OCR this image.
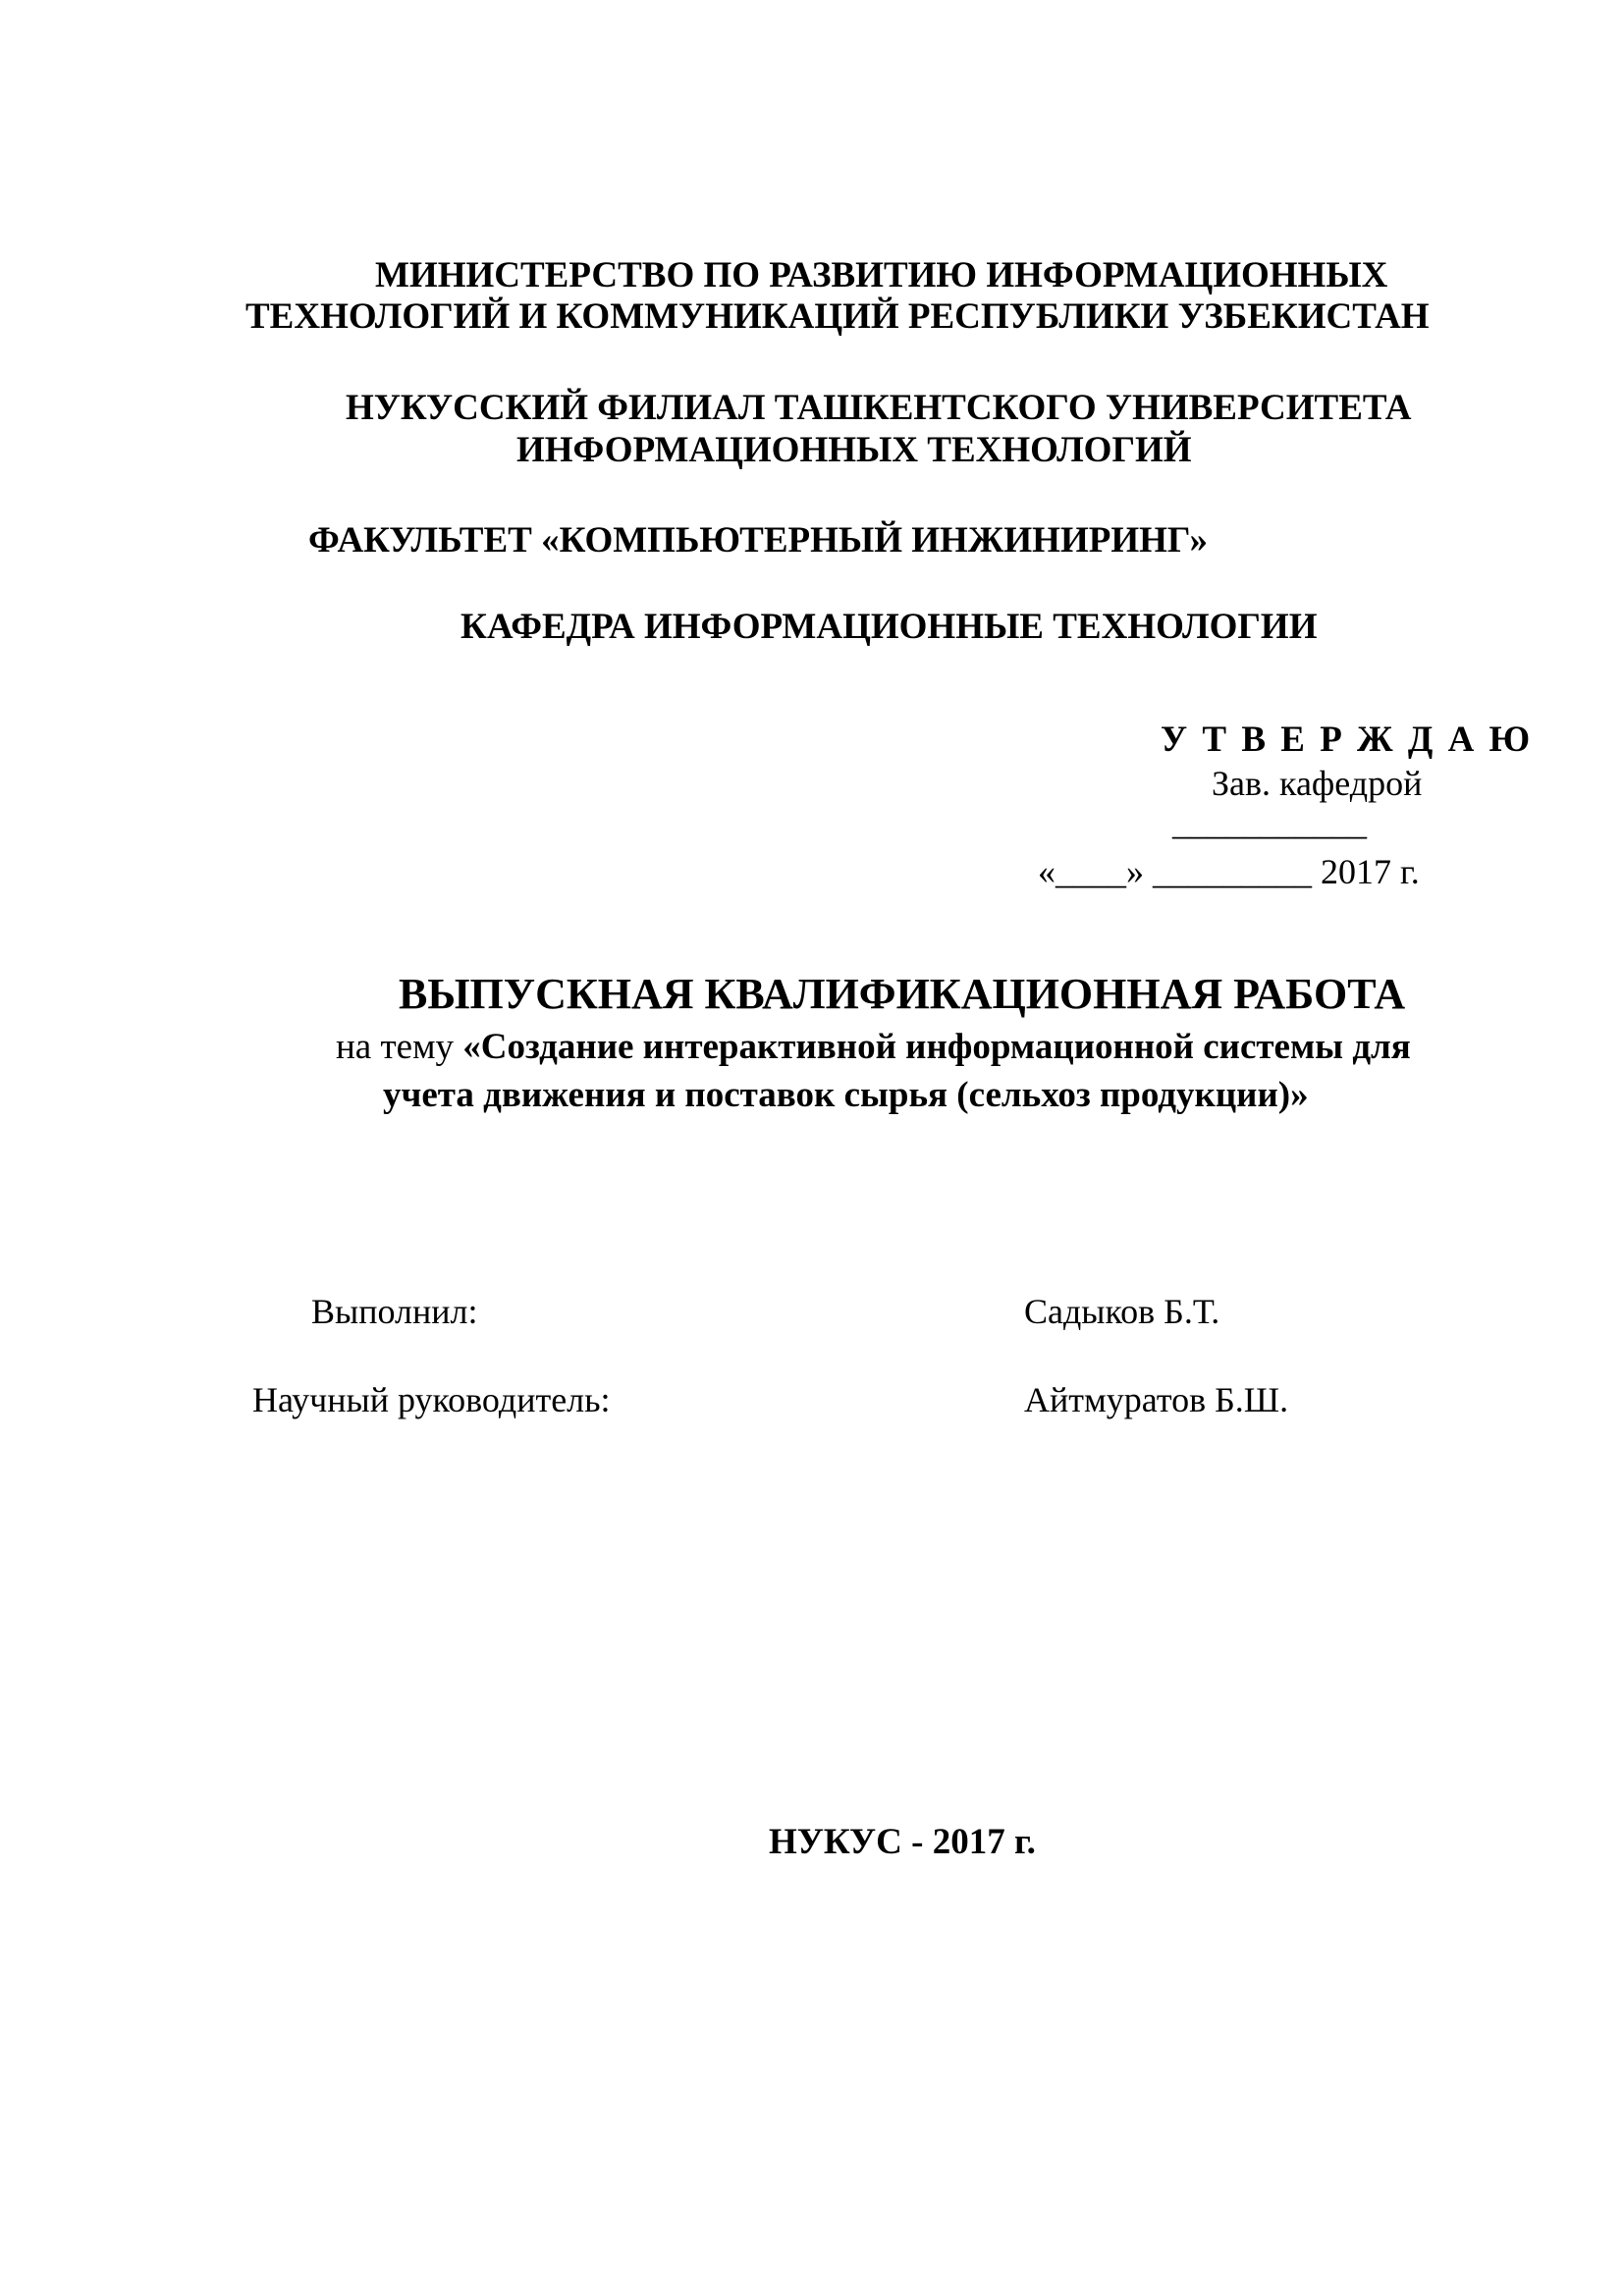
МИНИСТЕРСТВО ПО РАЗВИТИЮ ИНФОРМАЦИОННЫХ
ТЕХНОЛОГИЙ И КОММУНИКАЦИЙ РЕСПУБЛИКИ УЗБЕКИСТАН
НУКУССКИЙ ФИЛИАЛ ТАШКЕНТСКОГО УНИВЕРСИТЕТА
ИНФОРМАЦИОННЫХ ТЕХНОЛОГИЙ
ФАКУЛЬТЕТ «КОМПЬЮТЕРНЫЙ ИНЖИНИРИНГ»
КАФЕДРА ИНФОРМАЦИОННЫЕ ТЕХНОЛОГИИ
У Т В Е Р Ж Д А Ю
Зав. кафедрой
___________
«____» _________ 2017 г.
ВЫПУСКНАЯ КВАЛИФИКАЦИОННАЯ РАБОТА
на тему «Создание интерактивной информационной системы для
учета движения и поставок сырья (сельхоз продукции)»
Выполнил:	Садыков Б.Т.
Научный руководитель:	Айтмуратов Б.Ш.
НУКУС - 2017 г.
